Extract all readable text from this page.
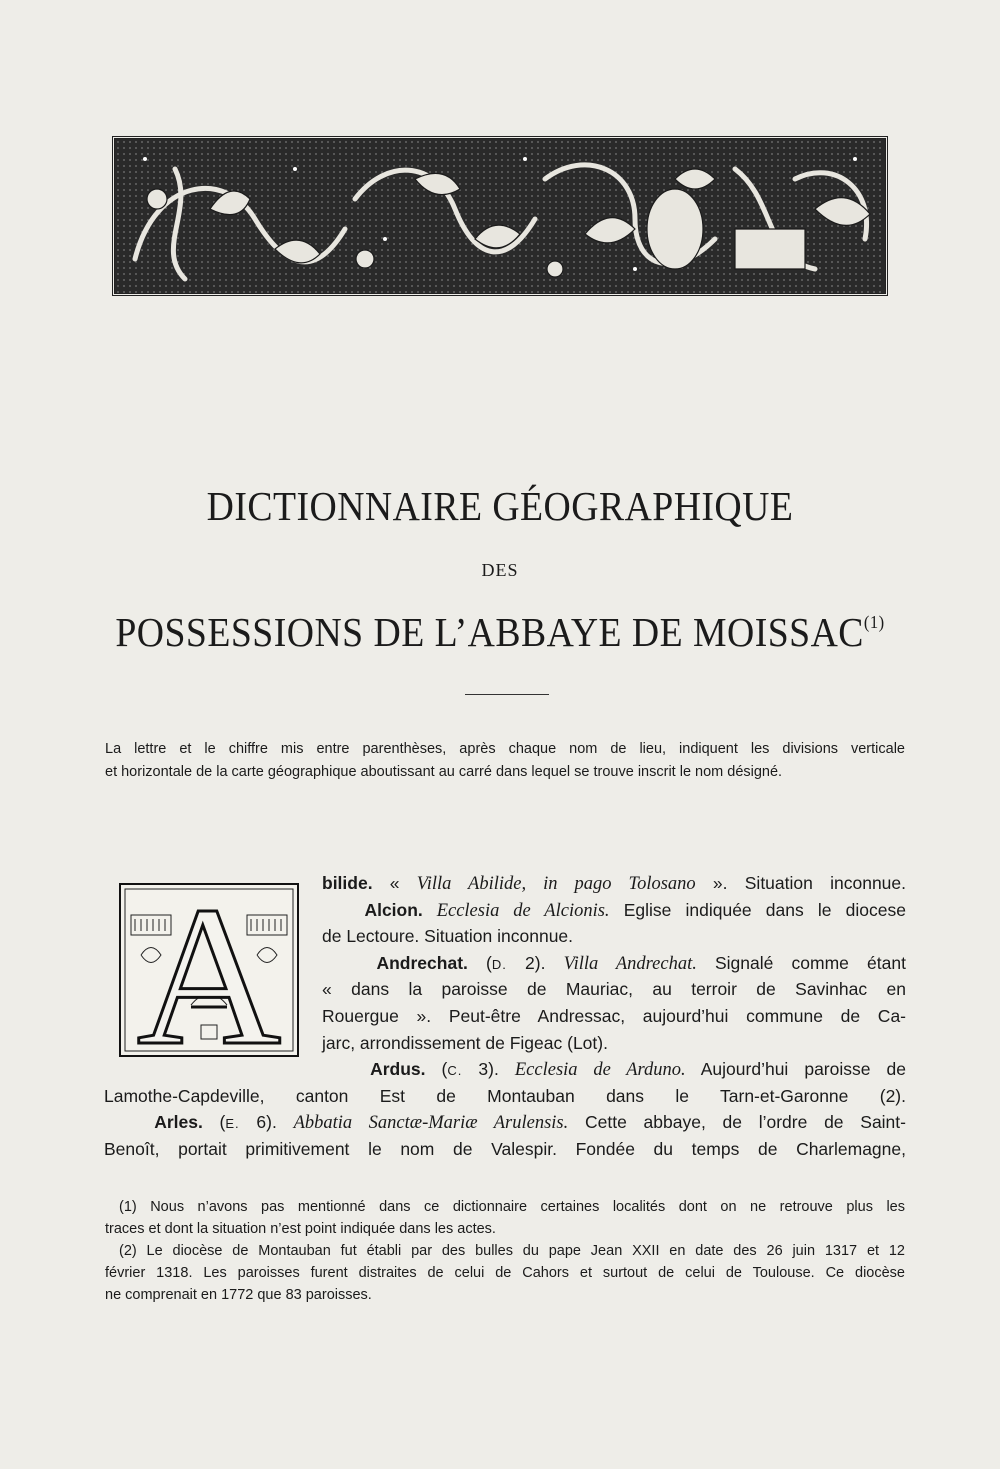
DICTIONNAIRE GÉOGRAPHIQUE
DES
POSSESSIONS DE L’ABBAYE DE MOISSAC$^{(1)}$

La lettre et le chiffre mis entre parenthèses, après chaque nom de lieu, indiquent les divisions verticale

et horizontale de la carte géographique aboutissant au carré dans lequel se trouve inscrit le nom désigné.

A bilide. « Villa Abilide, in pago Tolosano ». Situation inconnue.
Alcion. Ecclesia de Alcionis. Eglise indiquée dans le diocese
de Lectoure. Situation inconnue.
Andrechat. (D. 2). Villa Andrechat. Signalé comme étant
« dans la paroisse de Mauriac, au terroir de Savinhac en
Rouergue ». Peut-être Andressac, aujourd’hui commune de Ca-
jarc, arrondissement de Figeac (Lot).
Ardus. (C. 3). Ecclesia de Arduno. Aujourd’hui paroisse de
Lamothe-Capdeville, canton Est de Montauban dans le Tarn-et-Garonne (2).
Arles. (E. 6). Abbatia Sanctæ-Mariæ Arulensis. Cette abbaye, de l’ordre de Saint-
Benoît, portait primitivement le nom de Valespir. Fondée du temps de Charlemagne,
(1) Nous n’avons pas mentionné dans ce dictionnaire certaines localités dont on ne retrouve plus les
traces et dont la situation n’est point indiquée dans les actes.
(2) Le diocèse de Montauban fut établi par des bulles du pape Jean XXII en date des 26 juin 1317 et 12
février 1318. Les paroisses furent distraites de celui de Cahors et surtout de celui de Toulouse. Ce diocèse
ne comprenait en 1772 que 83 paroisses.
